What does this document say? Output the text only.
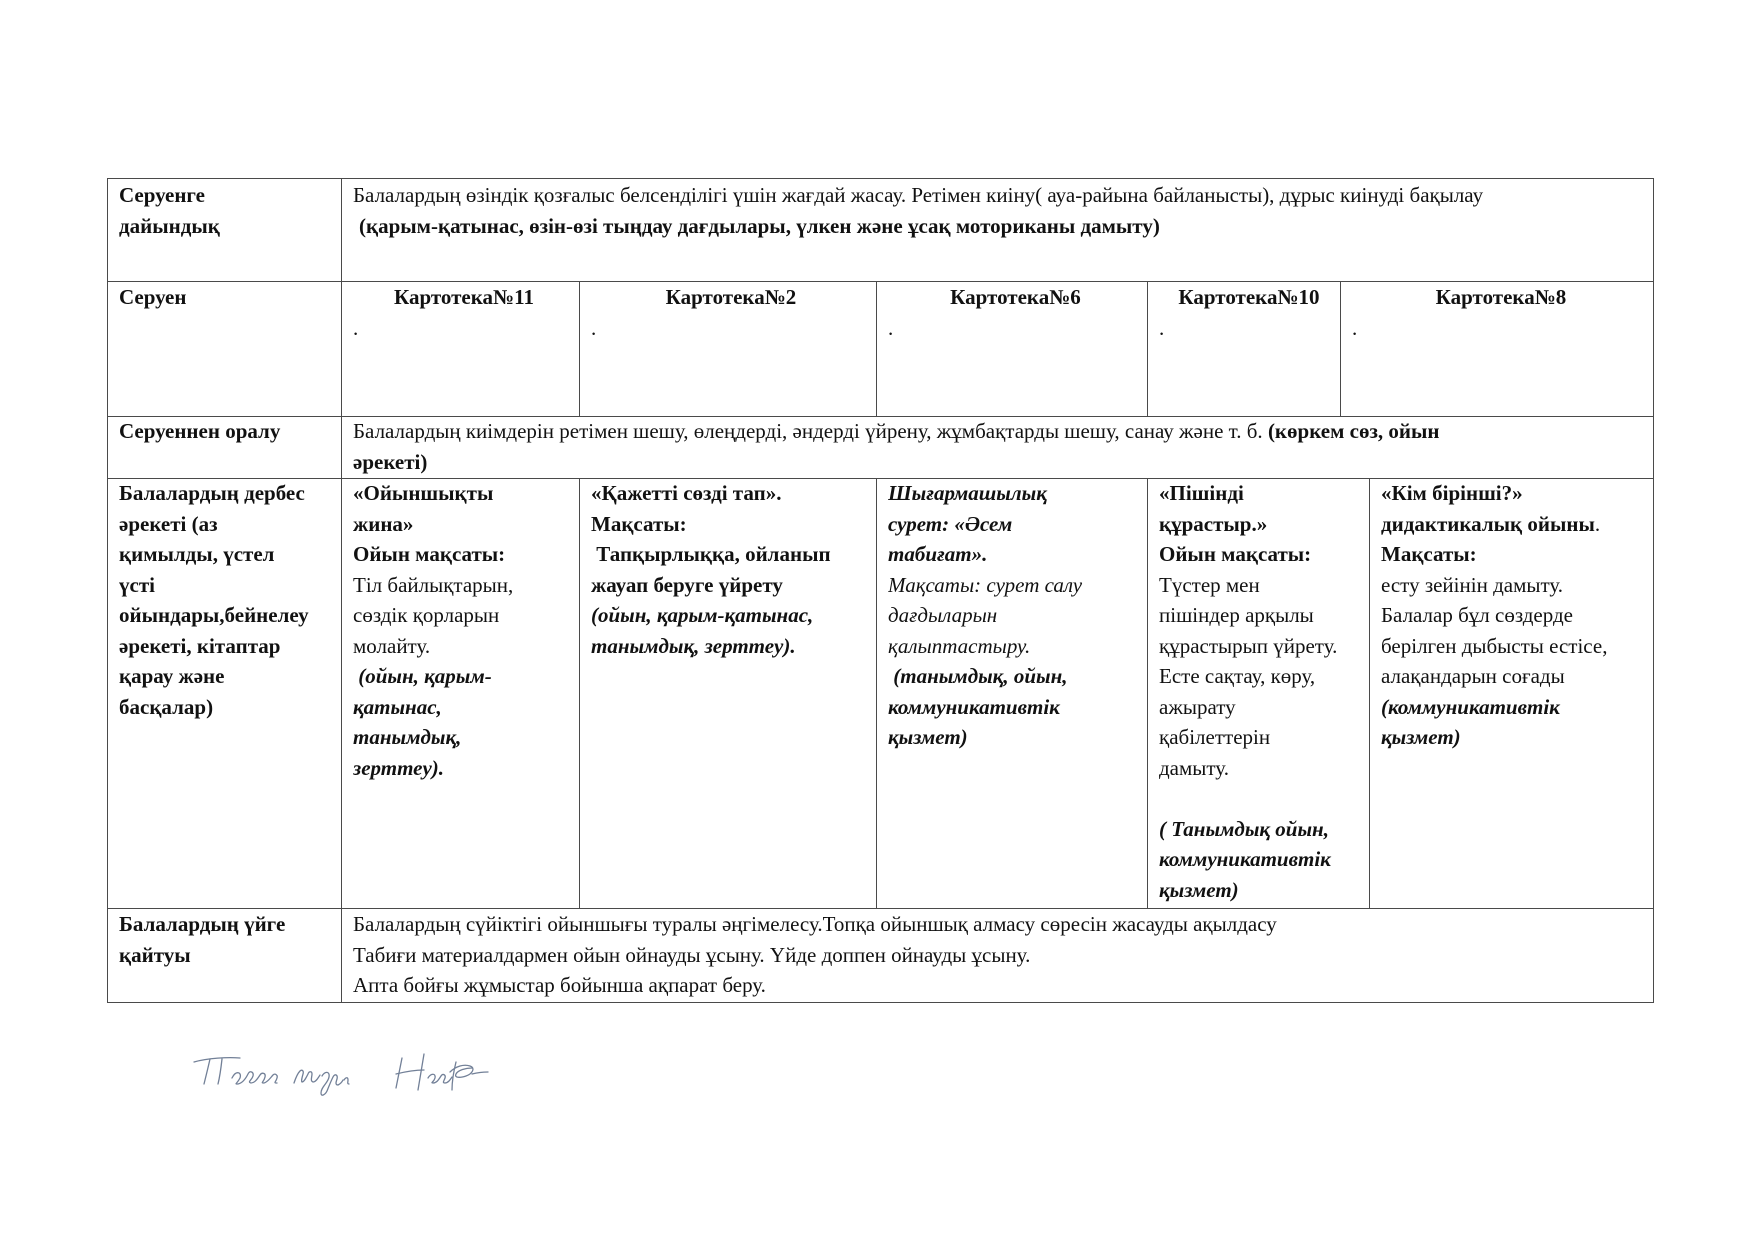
Серуенге

дайындық

Балалардың өзіндік қозғалыс белсенділігі үшін жағдай жасау. Ретімен киіну( ауа-райына байланысты), дұрыс киінуді бақылау

(қарым-қатынас, өзін-өзі тыңдау дағдылары, үлкен және ұсақ моториканы дамыту)

Серуен	Картотека№11

.

Картотека№2

.

Картотека№6

.

Картотека№10

.

Картотека№8

.

Серуеннен оралу	Балалардың киімдерін ретімен шешу, өлеңдерді, әндерді үйрену, жұмбақтарды шешу, санау және т. б. (көркем сөз, ойын

әрекеті)

Балалардың дербес

әрекеті (аз

қимылды, үстел

үсті

ойындары,бейнелеу

әрекеті, кітаптар

қарау және

басқалар)

«Ойыншықты

жина»

Ойын мақсаты:

Тіл байлықтарын,

сөздік қорларын

молайту.

(ойын, қарым-

қатынас,

танымдық,

зерттеу).

«Қажетті сөзді тап».

Мақсаты:

Тапқырлыққа, ойланып

жауап беруге үйрету

(ойын, қарым-қатынас,

танымдық, зерттеу).

Шығармашылық

сурет: «Әсем

табиғат».

Мақсаты: сурет салу

дағдыларын

қалыптастыру.

(танымдық, ойын,

коммуникативтік

қызмет)

«Пішінді

құрастыр.»

Ойын мақсаты:

Түстер мен

пішіндер арқылы

құрастырып үйрету.

Есте сақтау, көру,

ажырату

қабілеттерін

дамыту.

( Танымдық ойын,

коммуникативтік

қызмет)

«Кім бірінші?»

дидактикалық ойыны.

Мақсаты:

есту зейінін дамыту.

Балалар бұл сөздерде

берілген дыбысты естісе,

алақандарын соғады

(коммуникативтік

қызмет)

Балалардың үйге

қайтуы

Балалардың сүйіктігі ойыншығы туралы әңгімелесу.Топқа ойыншық алмасу сөресін жасауды ақылдасу

Табиғи материалдармен ойын ойнауды ұсыну. Үйде доппен ойнауды ұсыну.

Апта бойғы жұмыстар бойынша ақпарат беру.
